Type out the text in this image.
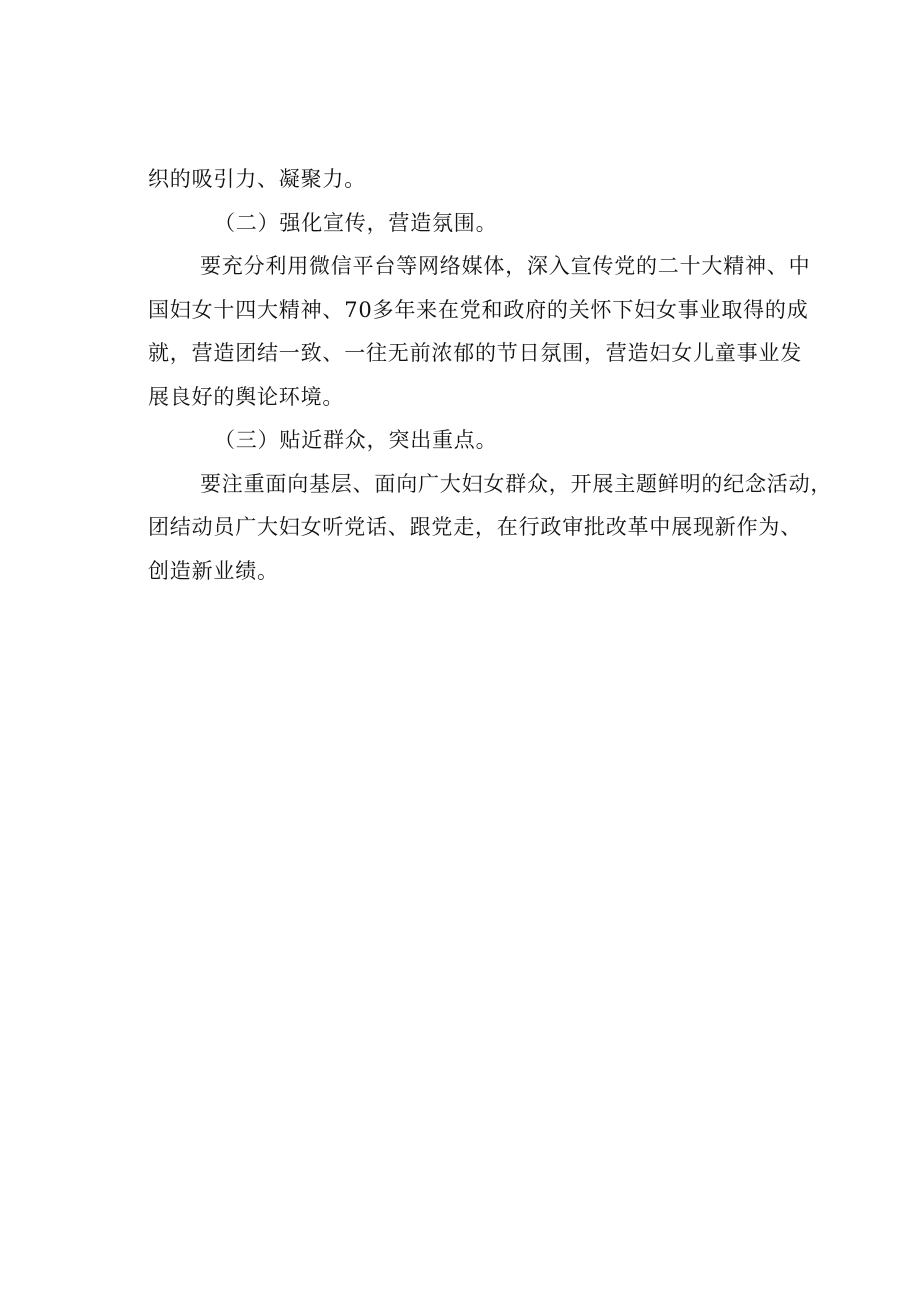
织的吸引力、凝聚力。

（二）强化宣传，营造氛围。

要充分利用微信平台等网络媒体，深入宣传党的二十大精神、中
国妇女十四大精神、70多年来在党和政府的关怀下妇女事业取得的成
就，营造团结一致、一往无前浓郁的节日氛围，营造妇女儿童事业发
展良好的舆论环境。

（三）贴近群众，突出重点。

要注重面向基层、面向广大妇女群众，开展主题鲜明的纪念活动，
团结动员广大妇女听党话、跟党走，在行政审批改革中展现新作为、
创造新业绩。
